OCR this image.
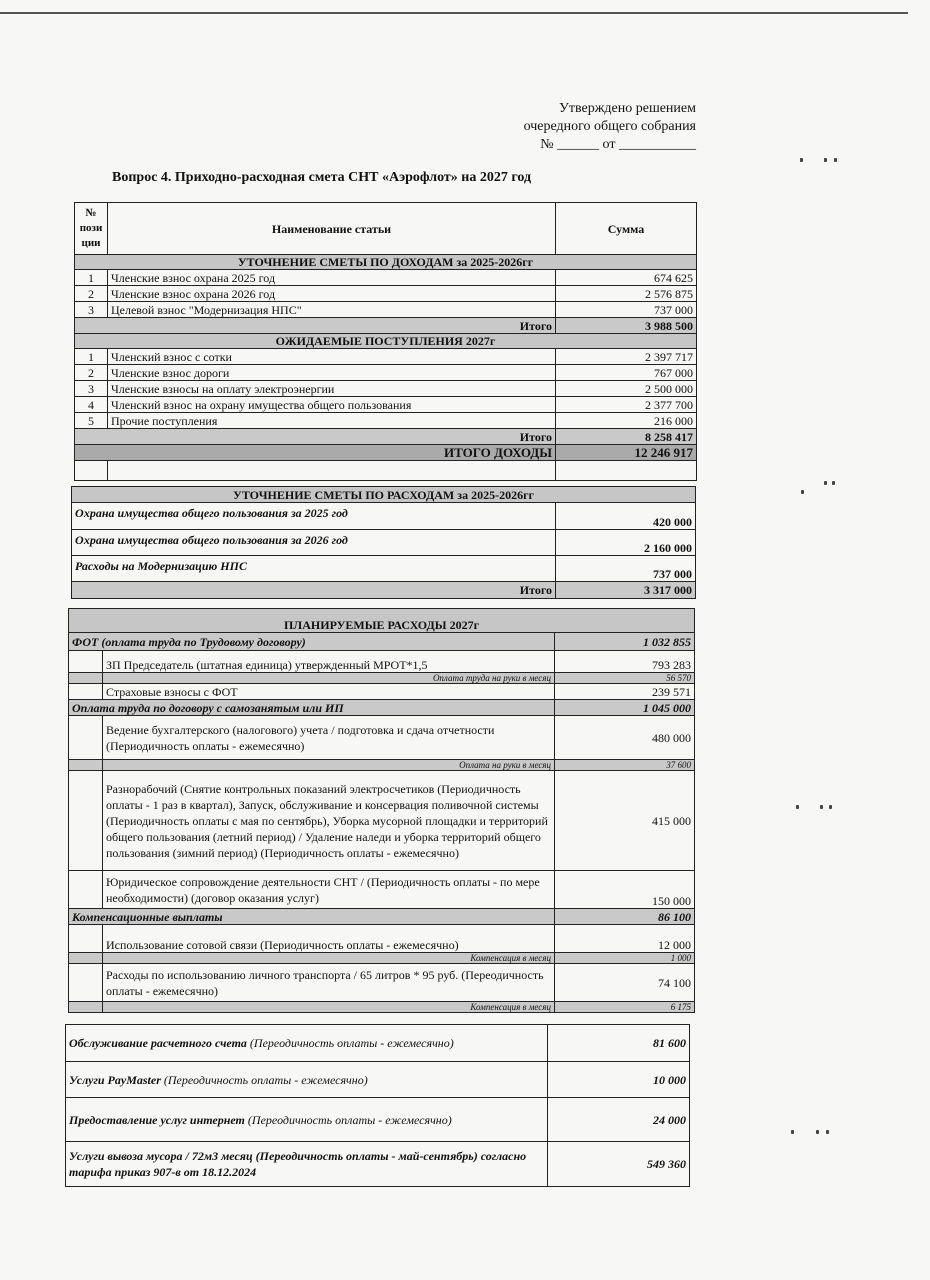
Утверждено решением
очередного общего собрания
№ ______ от ___________
Вопрос 4. Приходно-расходная смета СНТ «Аэрофлот» на 2027 год
№ пози ции	Наименование статьи	Сумма
УТОЧНЕНИЕ СМЕТЫ ПО ДОХОДАМ за 2025-2026гг		
1	Членские взнос охрана 2025 год	674 625
2	Членские взнос охрана 2026 год	2 576 875
3	Целевой взнос "Модернизация НПС"	737 000
Итого		3 988 500
ОЖИДАЕМЫЕ ПОСТУПЛЕНИЯ 2027г		
1	Членский взнос с сотки	2 397 717
2	Членские взнос дороги	767 000
3	Членские взносы на оплату электроэнергии	2 500 000
4	Членский взнос на охрану имущества общего пользования	2 377 700
5	Прочие поступления	216 000
Итого		8 258 417
ИТОГО ДОХОДЫ		12 246 917

УТОЧНЕНИЕ СМЕТЫ ПО РАСХОДАМ за 2025-2026гг	
Охрана имущества общего пользования за 2025 год	420 000
Охрана имущества общего пользования за 2026 год	2 160 000
Расходы на Модернизацию НПС	737 000
Итого	3 317 000
ПЛАНИРУЕМЫЕ РАСХОДЫ 2027г		
ФОТ (оплата труда по Трудовому договору)		1 032 855
	ЗП Председатель (штатная единица) утвержденный МРОТ*1,5	793 283
	Оплата труда на руки в месяц	56 570
	Страховые взносы с ФОТ	239 571
Оплата труда по договору с самозанятым или ИП		1 045 000
	Ведение бухгалтерского (налогового) учета / подготовка и сдача отчетности (Периодичность оплаты - ежемесячно)	480 000
	Оплата на руки в месяц	37 600
	Разнорабочий (Снятие контрольных показаний электросчетиков (Периодичность оплаты - 1 раз в квартал), Запуск, обслуживание и консервация поливочной системы (Периодичность оплаты с мая по сентябрь), Уборка мусорной площадки и территорий общего пользования (летний период) / Удаление наледи и уборка территорий общего пользования (зимний период) (Периодичность оплаты - ежемесячно)	415 000
	Юридическое сопровождение деятельности СНТ / (Периодичность оплаты - по мере необходимости) (договор оказания услуг)	150 000
Компенсационные выплаты		86 100
	Использование сотовой связи (Периодичность оплаты - ежемесячно)	12 000
	Компенсация в месяц	1 000
	Расходы по использованию личного транспорта / 65 литров * 95 руб. (Переодичность оплаты - ежемесячно)	74 100
	Компенсация в месяц	6 175
Обслуживание расчетного счета (Переодичность оплаты - ежемесячно)	81 600
Услуги PayMaster (Переодичность оплаты - ежемесячно)	10 000
Предоставление услуг интернет (Переодичность оплаты - ежемесячно)	24 000
Услуги вывоза мусора / 72м3 месяц (Переодичность оплаты - май-сентябрь) согласно тарифа приказ 907-в от 18.12.2024	549 360
